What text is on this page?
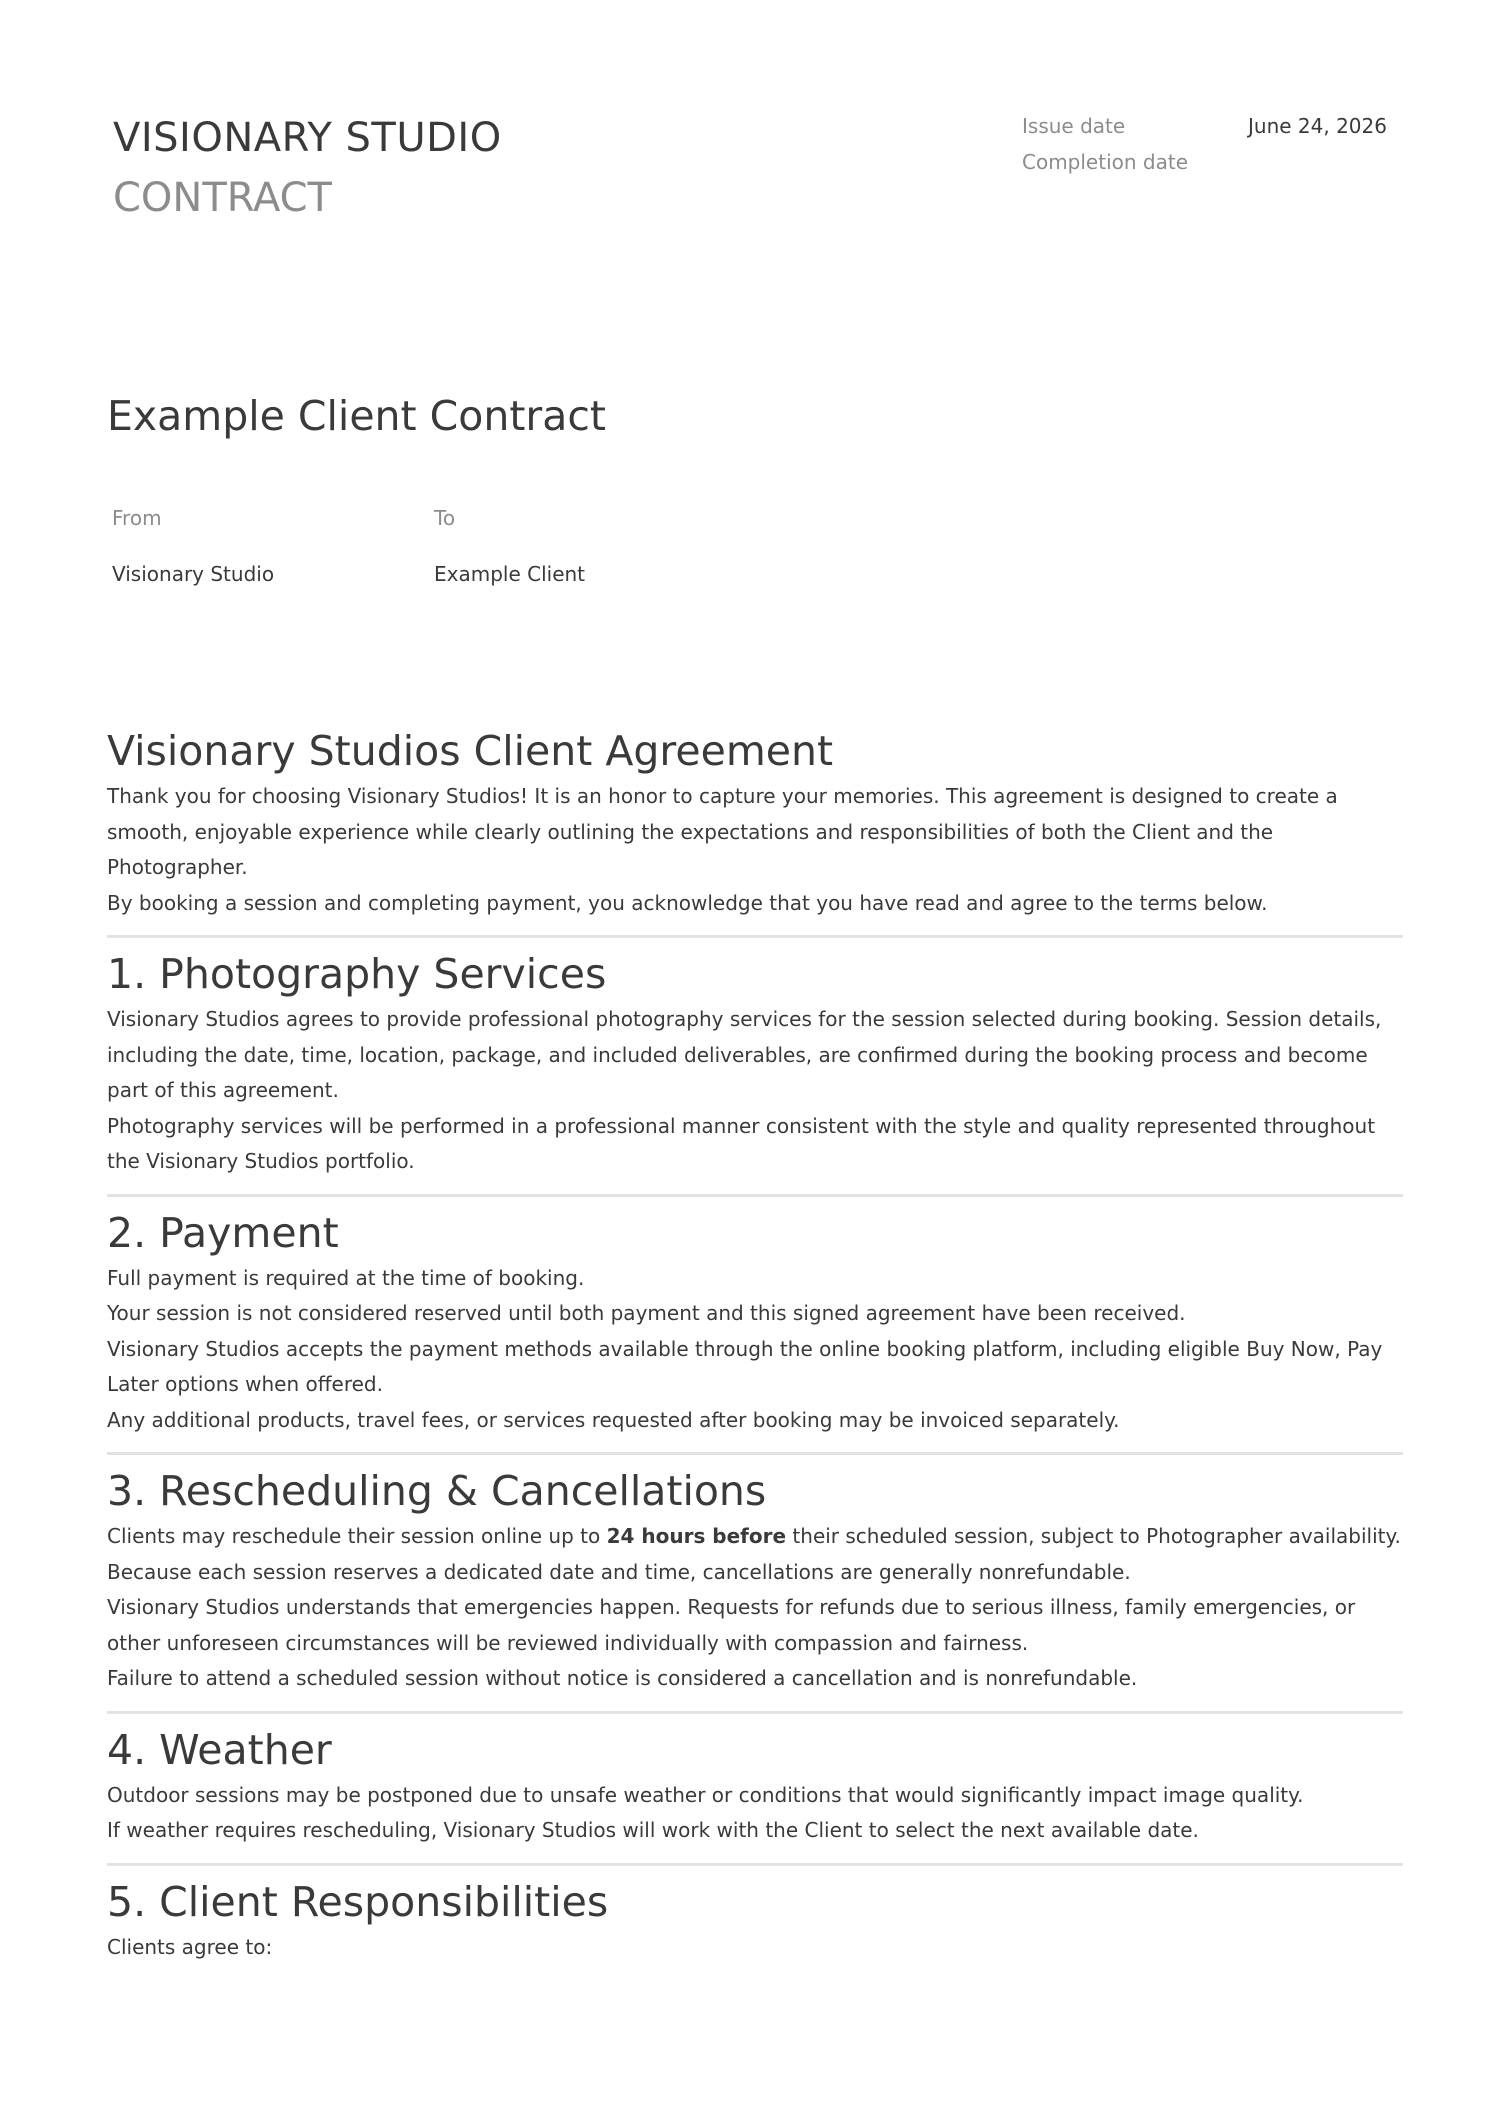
VISIONARY STUDIO
CONTRACT
Issue date	June 24, 2026
Completion date
Example Client Contract
From
Visionary Studio
To
Example Client
Visionary Studios Client Agreement

Thank you for choosing Visionary Studios! It is an honor to capture your memories. This agreement is designed to create a smooth, enjoyable experience while clearly outlining the expectations and responsibilities of both the Client and the Photographer.

By booking a session and completing payment, you acknowledge that you have read and agree to the terms below.

1. Photography Services

Visionary Studios agrees to provide professional photography services for the session selected during booking. Session details, including the date, time, location, package, and included deliverables, are confirmed during the booking process and become part of this agreement.

Photography services will be performed in a professional manner consistent with the style and quality represented throughout the Visionary Studios portfolio.

2. Payment

Full payment is required at the time of booking.

Your session is not considered reserved until both payment and this signed agreement have been received.

Visionary Studios accepts the payment methods available through the online booking platform, including eligible Buy Now, Pay Later options when offered.

Any additional products, travel fees, or services requested after booking may be invoiced separately.

3. Rescheduling & Cancellations

Clients may reschedule their session online up to 24 hours before their scheduled session, subject to Photographer availability.

Because each session reserves a dedicated date and time, cancellations are generally nonrefundable.

Visionary Studios understands that emergencies happen. Requests for refunds due to serious illness, family emergencies, or other unforeseen circumstances will be reviewed individually with compassion and fairness.

Failure to attend a scheduled session without notice is considered a cancellation and is nonrefundable.

4. Weather

Outdoor sessions may be postponed due to unsafe weather or conditions that would significantly impact image quality.

If weather requires rescheduling, Visionary Studios will work with the Client to select the next available date.

5. Client Responsibilities

Clients agree to:
